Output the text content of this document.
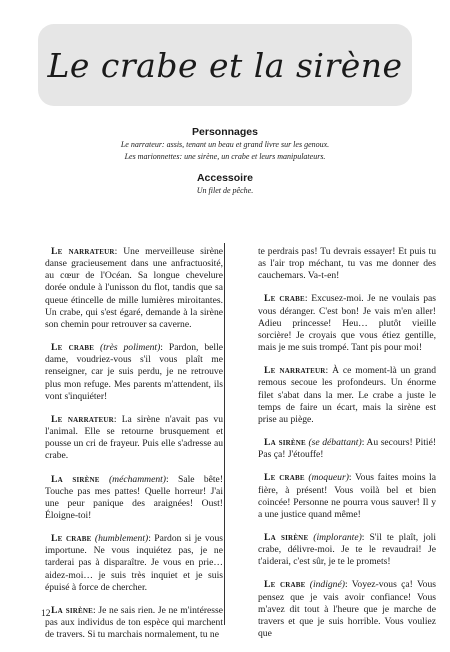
Le crabe et la sirène
Personnages

Le narrateur: assis, tenant un beau et grand livre sur les genoux.

Les marionnettes: une sirène, un crabe et leurs manipulateurs.

Accessoire

Un filet de pêche.

Le narrateur: Une merveilleuse sirène danse gracieusement dans une anfractuosité, au cœur de l'Océan. Sa longue chevelure dorée ondule à l'unisson du flot, tandis que sa queue étincelle de mille lumières miroitantes. Un crabe, qui s'est égaré, demande à la sirène son chemin pour retrouver sa caverne.

Le crabe (très poliment): Pardon, belle dame, voudriez-vous s'il vous plaît me renseigner, car je suis perdu, je ne retrouve plus mon refuge. Mes parents m'attendent, ils vont s'inquiéter!

Le narrateur: La sirène n'avait pas vu l'animal. Elle se retourne brusquement et pousse un cri de frayeur. Puis elle s'adresse au crabe.

La sirène (méchamment): Sale bête! Touche pas mes pattes! Quelle horreur! J'ai une peur panique des araignées! Oust! Éloigne-toi!

Le crabe (humblement): Pardon si je vous importune. Ne vous inquiétez pas, je ne tarderai pas à disparaître. Je vous en prie… aidez-moi… je suis très inquiet et je suis épuisé à force de chercher.

La sirène: Je ne sais rien. Je ne m'intéresse pas aux individus de ton espèce qui marchent de travers. Si tu marchais normalement, tu ne

te perdrais pas! Tu devrais essayer! Et puis tu as l'air trop méchant, tu vas me donner des cauchemars. Va-t-en!

Le crabe: Excusez-moi. Je ne voulais pas vous déranger. C'est bon! Je vais m'en aller! Adieu princesse! Heu… plutôt vieille sorcière! Je croyais que vous étiez gentille, mais je me suis trompé. Tant pis pour moi!

Le narrateur: À ce moment-là un grand remous secoue les profondeurs. Un énorme filet s'abat dans la mer. Le crabe a juste le temps de faire un écart, mais la sirène est prise au piège.

La sirène (se débattant): Au secours! Pitié! Pas ça! J'étouffe!

Le crabe (moqueur): Vous faites moins la fière, à présent! Vous voilà bel et bien coincée! Personne ne pourra vous sauver! Il y a une justice quand même!

La sirène (implorante): S'il te plaît, joli crabe, délivre-moi. Je te le revaudrai! Je t'aiderai, c'est sûr, je te le promets!

Le crabe (indigné): Voyez-vous ça! Vous pensez que je vais avoir confiance! Vous m'avez dit tout à l'heure que je marche de travers et que je suis horrible. Vous vouliez que

12
